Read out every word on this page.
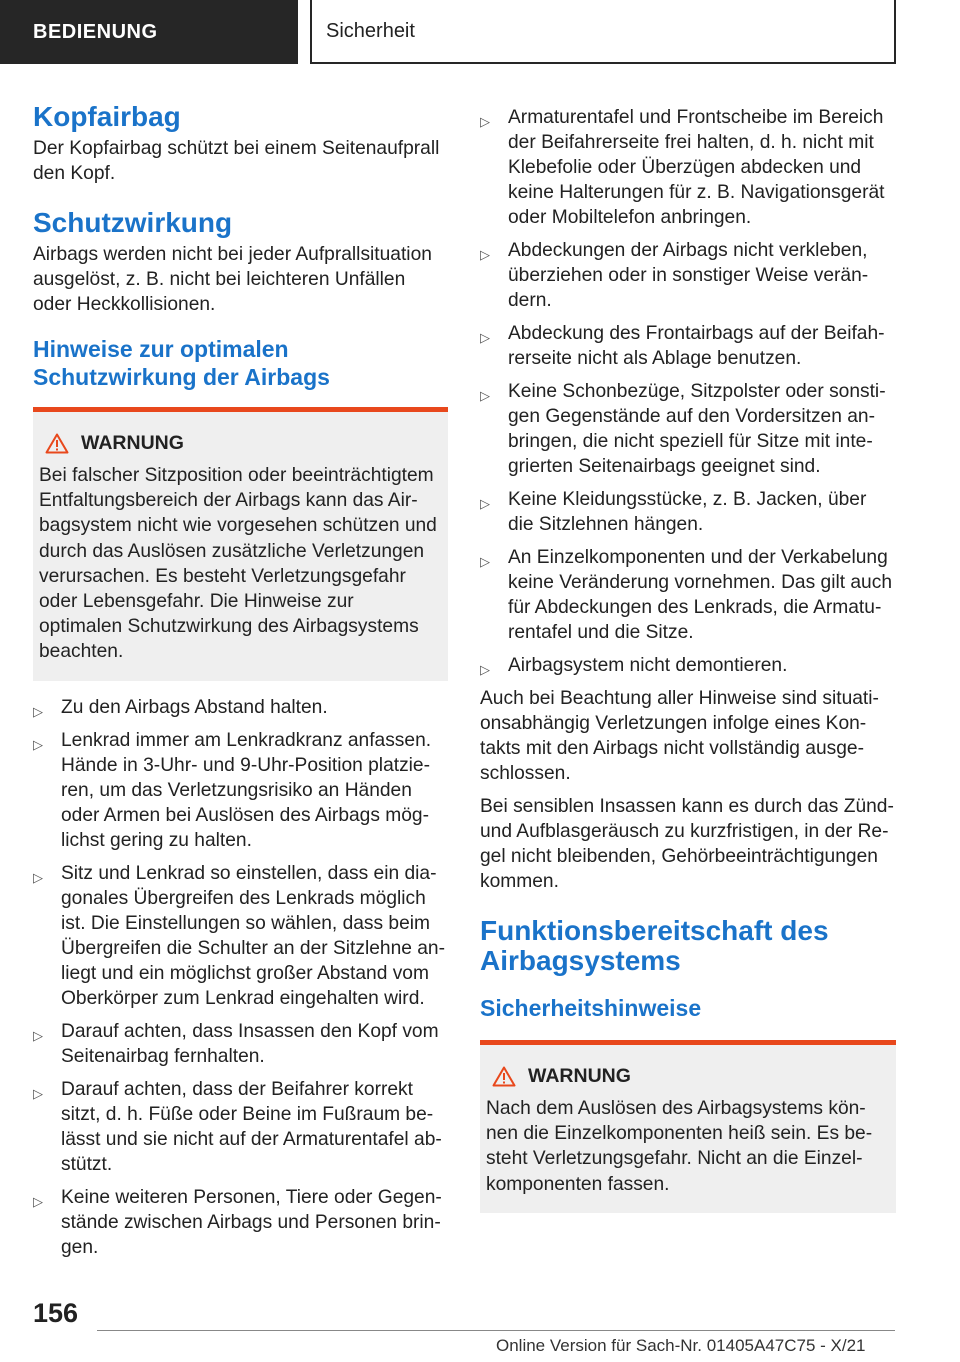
BEDIENUNG	Sicherheit
Kopfairbag

Der Kopfairbag schützt bei einem Seitenaufprall den Kopf.

Schutzwirkung

Airbags werden nicht bei jeder Aufprallsituation ausgelöst, z. B. nicht bei leichteren Unfällen oder Heckkollisionen.

Hinweise zur optimalen
Schutzwirkung der Airbags
WARNUNG

Bei falscher Sitzposition oder beeinträchtigtem Entfaltungsbereich der Airbags kann das Airbagsystem nicht wie vorgesehen schützen und durch das Auslösen zusätzliche Verletzungen verursachen. Es besteht Verletzungsgefahr oder Lebensgefahr. Die Hinweise zur optimalen Schutzwirkung des Airbagsystems beachten.

▷ Zu den Airbags Abstand halten.
▷ Lenkrad immer am Lenkradkranz anfassen. Hände in 3-Uhr- und 9-Uhr-Position platzieren, um das Verletzungsrisiko an Händen oder Armen bei Auslösen des Airbags möglichst gering zu halten.
▷ Sitz und Lenkrad so einstellen, dass ein diagonales Übergreifen des Lenkrads möglich ist. Die Einstellungen so wählen, dass beim Übergreifen die Schulter an der Sitzlehne anliegt und ein möglichst großer Abstand vom Oberkörper zum Lenkrad eingehalten wird.
▷ Darauf achten, dass Insassen den Kopf vom Seitenairbag fernhalten.
▷ Darauf achten, dass der Beifahrer korrekt sitzt, d. h. Füße oder Beine im Fußraum belässt und sie nicht auf der Armaturentafel abstützt.
▷ Keine weiteren Personen, Tiere oder Gegenstände zwischen Airbags und Personen bringen.
▷ Armaturentafel und Frontscheibe im Bereich der Beifahrerseite frei halten, d. h. nicht mit Klebefolie oder Überzügen abdecken und keine Halterungen für z. B. Navigationsgerät oder Mobiltelefon anbringen.
▷ Abdeckungen der Airbags nicht verkleben, überziehen oder in sonstiger Weise verändern.
▷ Abdeckung des Frontairbags auf der Beifahrerseite nicht als Ablage benutzen.
▷ Keine Schonbezüge, Sitzpolster oder sonstigen Gegenstände auf den Vordersitzen anbringen, die nicht speziell für Sitze mit integrierten Seitenairbags geeignet sind.
▷ Keine Kleidungsstücke, z. B. Jacken, über die Sitzlehnen hängen.
▷ An Einzelkomponenten und der Verkabelung keine Veränderung vornehmen. Das gilt auch für Abdeckungen des Lenkrads, die Armaturentafel und die Sitze.
▷ Airbagsystem nicht demontieren.

Auch bei Beachtung aller Hinweise sind situationsabhängig Verletzungen infolge eines Kontakts mit den Airbags nicht vollständig ausgeschlossen.

Bei sensiblen Insassen kann es durch das Zünd- und Aufblasgeräusch zu kurzfristigen, in der Regel nicht bleibenden, Gehörbeeinträchtigungen kommen.

Funktionsbereitschaft des
Airbagsystems
Sicherheitshinweise
WARNUNG

Nach dem Auslösen des Airbagsystems können die Einzelkomponenten heiß sein. Es besteht Verletzungsgefahr. Nicht an die Einzelkomponenten fassen.

156
Online Version für Sach-Nr. 01405A47C75 - X/21
